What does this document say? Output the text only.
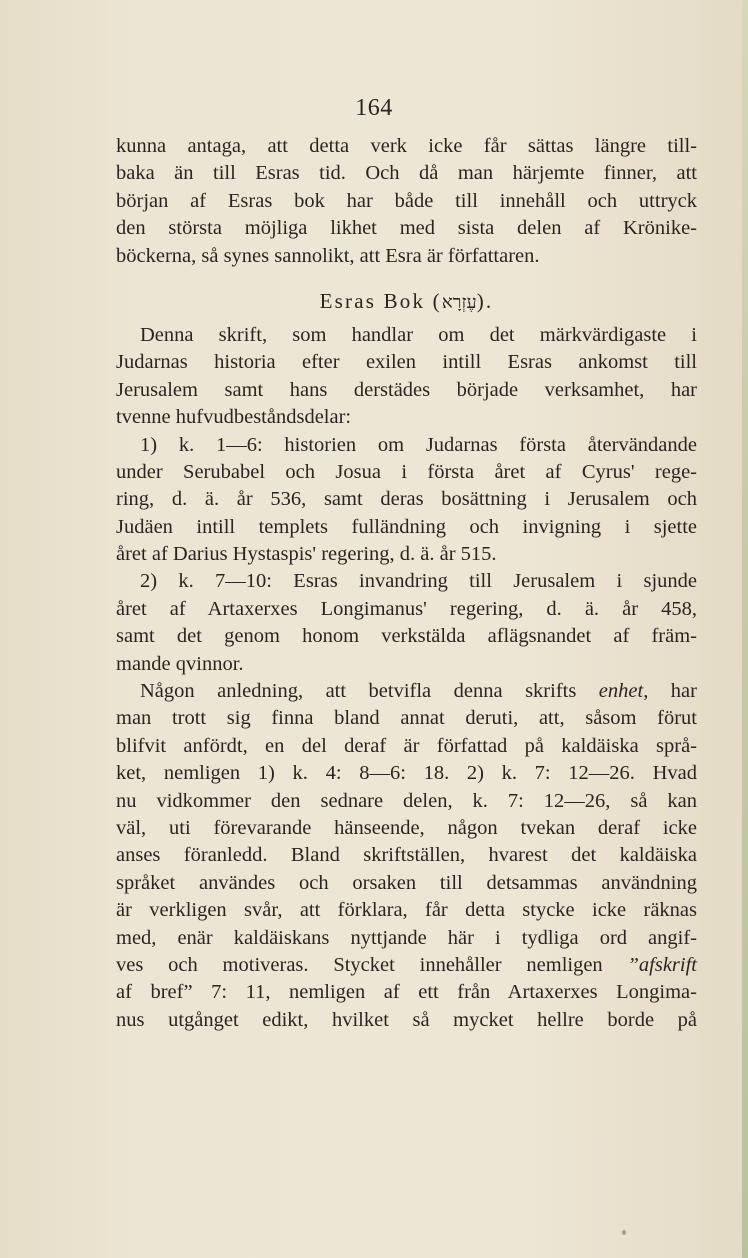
164
kunna antaga, att detta verk icke får sättas längre till-
baka än till Esras tid. Och då man härjemte finner, att
början af Esras bok har både till innehåll och uttryck
den största möjliga likhet med sista delen af Krönike-
böckerna, så synes sannolikt, att Esra är författaren.
Esras Bok (עֶזְרָא).
Denna skrift, som handlar om det märkvärdigaste i
Judarnas historia efter exilen intill Esras ankomst till
Jerusalem samt hans derstädes började verksamhet, har
tvenne hufvudbeståndsdelar:
1) k. 1—6: historien om Judarnas första återvändande
under Serubabel och Josua i första året af Cyrus' rege-
ring, d. ä. år 536, samt deras bosättning i Jerusalem och
Judäen intill templets fulländning och invigning i sjette
året af Darius Hystaspis' regering, d. ä. år 515.
2) k. 7—10: Esras invandring till Jerusalem i sjunde
året af Artaxerxes Longimanus' regering, d. ä. år 458,
samt det genom honom verkstälda aflägsnandet af främ-
mande qvinnor.
Någon anledning, att betvifla denna skrifts enhet, har
man trott sig finna bland annat deruti, att, såsom förut
blifvit anfördt, en del deraf är författad på kaldäiska språ-
ket, nemligen 1) k. 4: 8—6: 18. 2) k. 7: 12—26. Hvad
nu vidkommer den sednare delen, k. 7: 12—26, så kan
väl, uti förevarande hänseende, någon tvekan deraf icke
anses föranledd. Bland skriftställen, hvarest det kaldäiska
språket användes och orsaken till detsammas användning
är verkligen svår, att förklara, får detta stycke icke räknas
med, enär kaldäiskans nyttjande här i tydliga ord angif-
ves och motiveras. Stycket innehåller nemligen ”afskrift
af bref” 7: 11, nemligen af ett från Artaxerxes Longima-
nus utgånget edikt, hvilket så mycket hellre borde på
